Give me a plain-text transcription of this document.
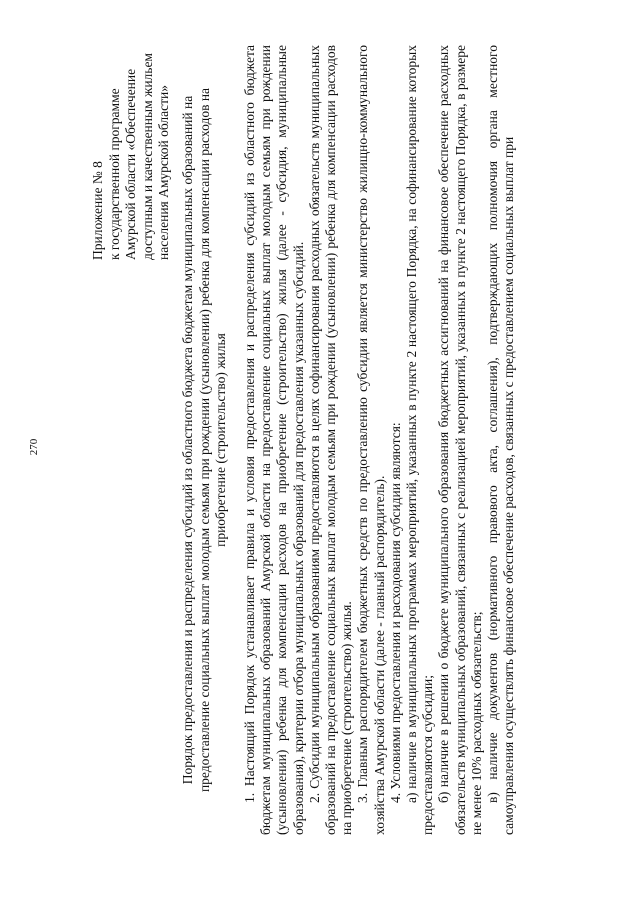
270
Приложение № 8 к государственной программе Амурской области «Обеспечение доступным и качественным жильем населения Амурской области» Порядок предоставления и распределения субсидий из областного бюджета бюджетам муниципальных образований на предоставление социальных выплат молодым семьям при рождении (усыновлении) ребенка для компенсации расходов на приобретение (строительство) жилья 1. Настоящий Порядок устанавливает правила и условия предоставления и распределения субсидий из областного бюджета бюджетам муниципальных образований Амурской области на предоставление социальных выплат молодым семьям при рождении (усыновлении) ребенка для компенсации расходов на приобретение (строительство) жилья (далее - субсидия, муниципальные образования), критерии отбора муниципальных образований для предоставления указанных субсидий. 2. Субсидии муниципальным образованиям предоставляются в целях софинансирования расходных обязательств муниципальных образований на предоставление социальных выплат молодым семьям при рождении (усыновлении) ребенка для компенсации расходов на приобретение (строительство) жилья. 3. Главным распорядителем бюджетных средств по предоставлению субсидии является министерство жилищно-коммунального хозяйства Амурской области (далее - главный распорядитель). 4. Условиями предоставления и расходования субсидии являются: а) наличие в муниципальных программах мероприятий, указанных в пункте 2 настоящего Порядка, на софинансирование которых предоставляются субсидии; б) наличие в решении о бюджете муниципального образования бюджетных ассигнований на финансовое обеспечение расходных обязательств муниципальных образований, связанных с реализацией мероприятий, указанных в пункте 2 настоящего Порядка, в размере не менее 10% расходных обязательств; в) наличие документов (нормативного правового акта, соглашения), подтверждающих полномочия органа местного самоуправления осуществлять финансовое обеспечение расходов, связанных с предоставлением социальных выплат при
